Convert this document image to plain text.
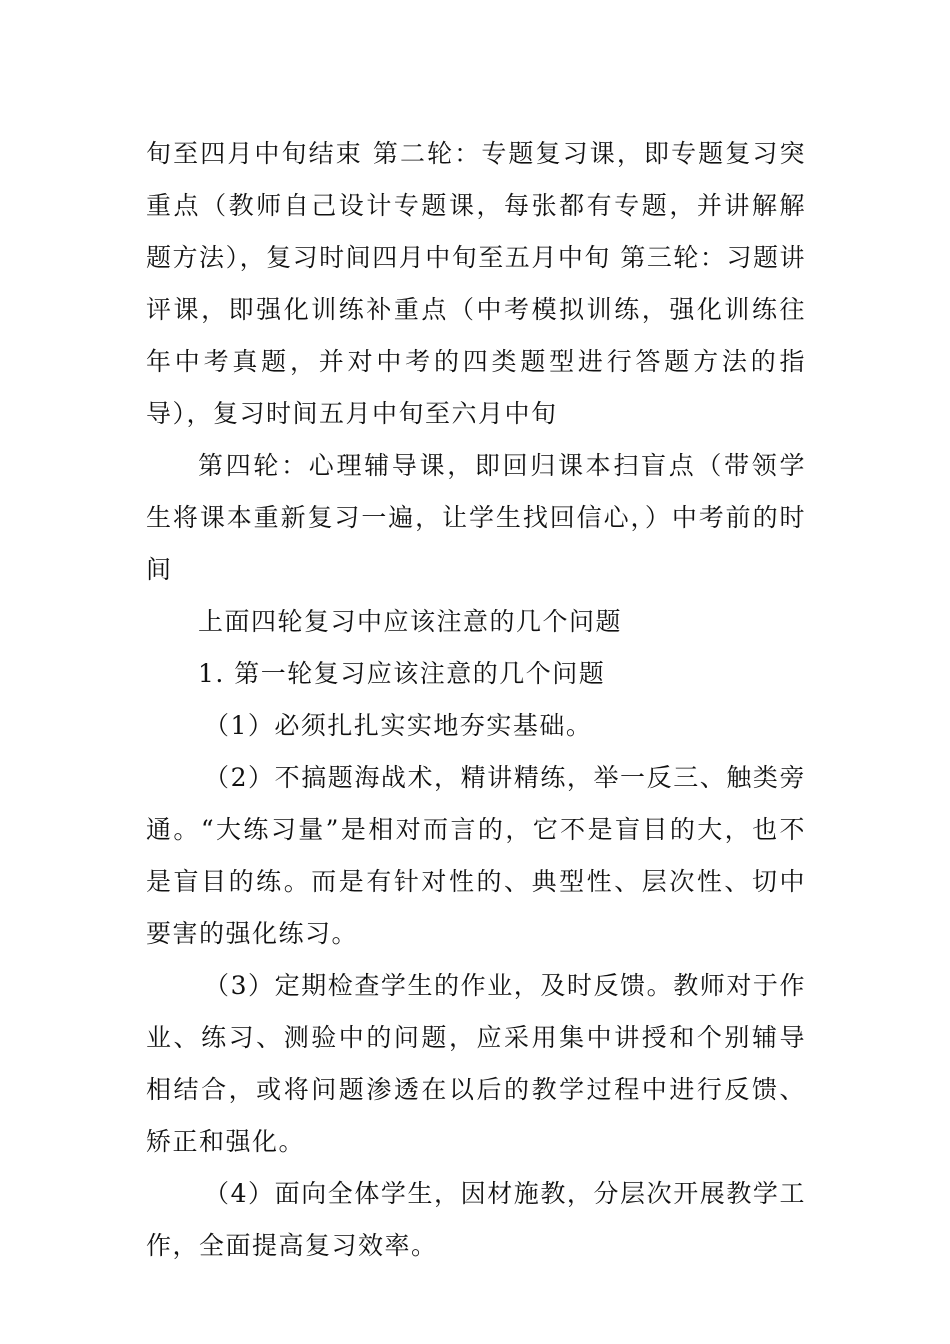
旬至四月中旬结束 第二轮：专题复习课，即专题复习突重点（教师自己设计专题课，每张都有专题，并讲解解题方法），复习时间四月中旬至五月中旬 第三轮：习题讲评课，即强化训练补重点（中考模拟训练，强化训练往年中考真题，并对中考的四类题型进行答题方法的指导），复习时间五月中旬至六月中旬

第四轮：心理辅导课，即回归课本扫盲点（带领学生将课本重新复习一遍，让学生找回信心，）中考前的时间

上面四轮复习中应该注意的几个问题

1. 第一轮复习应该注意的几个问题

（1）必须扎扎实实地夯实基础。

（2）不搞题海战术，精讲精练，举一反三、触类旁通。“大练习量”是相对而言的，它不是盲目的大，也不是盲目的练。而是有针对性的、典型性、层次性、切中要害的强化练习。

（3）定期检查学生的作业，及时反馈。教师对于作业、练习、测验中的问题，应采用集中讲授和个别辅导相结合，或将问题渗透在以后的教学过程中进行反馈、矫正和强化。

（4）面向全体学生，因材施教，分层次开展教学工作，全面提高复习效率。
